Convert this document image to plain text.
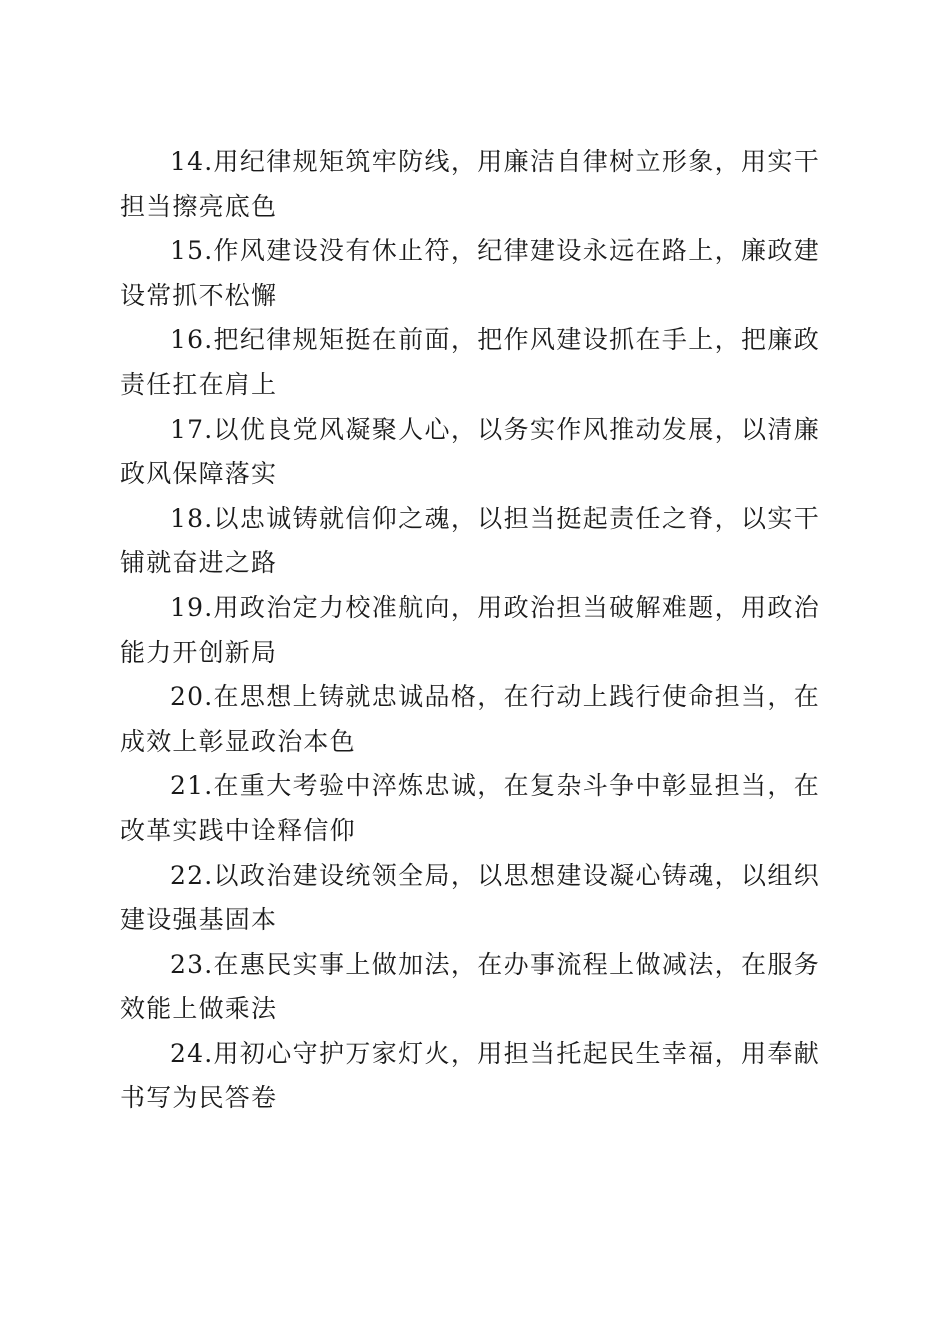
14.用纪律规矩筑牢防线，用廉洁自律树立形象，用实干担当擦亮底色

15.作风建设没有休止符，纪律建设永远在路上，廉政建设常抓不松懈

16.把纪律规矩挺在前面，把作风建设抓在手上，把廉政责任扛在肩上

17.以优良党风凝聚人心，以务实作风推动发展，以清廉政风保障落实

18.以忠诚铸就信仰之魂，以担当挺起责任之脊，以实干铺就奋进之路

19.用政治定力校准航向，用政治担当破解难题，用政治能力开创新局

20.在思想上铸就忠诚品格，在行动上践行使命担当，在成效上彰显政治本色

21.在重大考验中淬炼忠诚，在复杂斗争中彰显担当，在改革实践中诠释信仰

22.以政治建设统领全局，以思想建设凝心铸魂，以组织建设强基固本

23.在惠民实事上做加法，在办事流程上做减法，在服务效能上做乘法

24.用初心守护万家灯火，用担当托起民生幸福，用奉献书写为民答卷
